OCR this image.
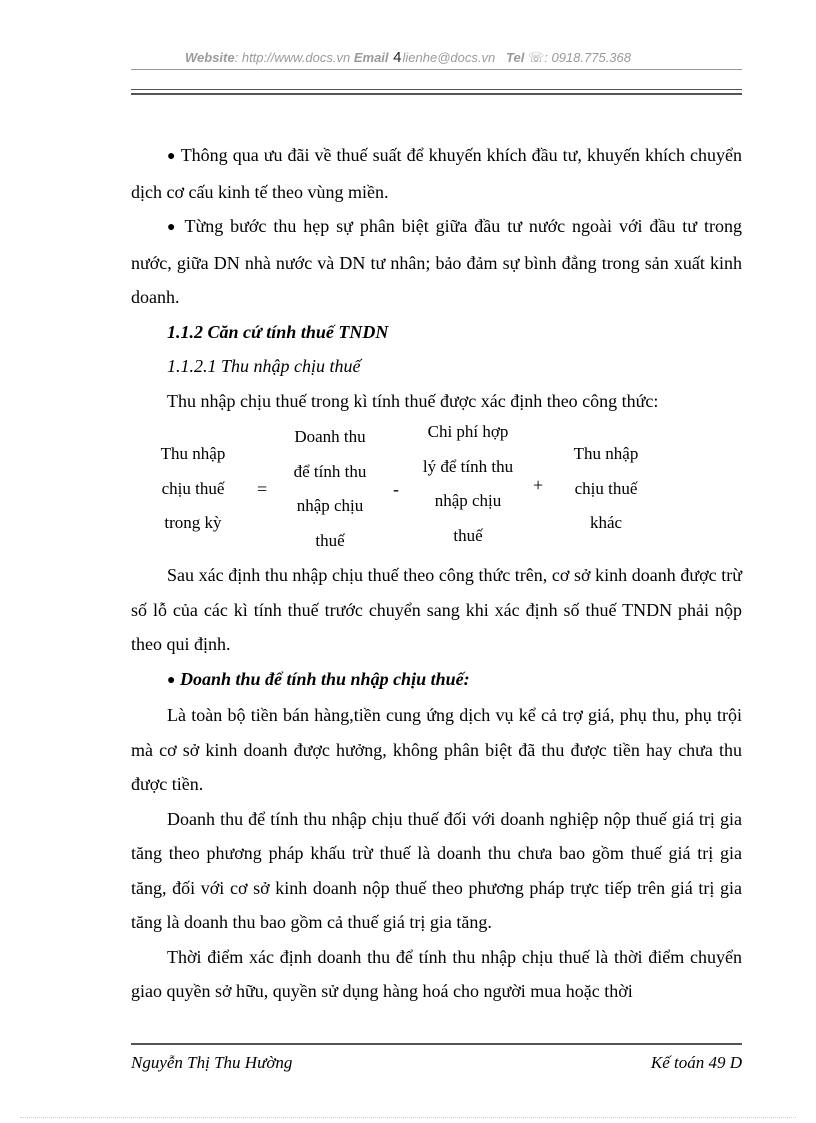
Website: http://www.docs.vn Email 4lienhe@docs.vn Tel ☏: 0918.775.368

● Thông qua ưu đãi về thuế suất để khuyến khích đầu tư, khuyến khích chuyển dịch cơ cấu kinh tế theo vùng miền.

● Từng bước thu hẹp sự phân biệt giữa đầu tư nước ngoài với đầu tư trong nước, giữa DN nhà nước và DN tư nhân; bảo đảm sự bình đẳng trong sản xuất kinh doanh.

1.1.2 Căn cứ tính thuế TNDN

1.1.2.1 Thu nhập chịu thuế

Thu nhập chịu thuế trong kì tính thuế được xác định theo công thức:

Thu nhập
chịu thuế
trong kỳ
=
Doanh thu
để tính thu
nhập chịu
thuế
-
Chi phí hợp
lý để tính thu
nhập chịu
thuế
+
Thu nhập
chịu thuế
khác

Sau xác định thu nhập chịu thuế theo công thức trên, cơ sở kinh doanh được trừ số lỗ của các kì tính thuế trước chuyển sang khi xác định số thuế TNDN phải nộp theo qui định.

● Doanh thu để tính thu nhập chịu thuế:

Là toàn bộ tiền bán hàng,tiền cung ứng dịch vụ kể cả trợ giá, phụ thu, phụ trội mà cơ sở kinh doanh được hưởng, không phân biệt đã thu được tiền hay chưa thu được tiền.

Doanh thu để tính thu nhập chịu thuế đối với doanh nghiệp nộp thuế giá trị gia tăng theo phương pháp khấu trừ thuế là doanh thu chưa bao gồm thuế giá trị gia tăng, đối với cơ sở kinh doanh nộp thuế theo phương pháp trực tiếp trên giá trị gia tăng là doanh thu bao gồm cả thuế giá trị gia tăng.

Thời điểm xác định doanh thu để tính thu nhập chịu thuế là thời điểm chuyển giao quyền sở hữu, quyền sử dụng hàng hoá cho người mua hoặc thời

Nguyễn Thị Thu Hường	Kế toán 49 D
